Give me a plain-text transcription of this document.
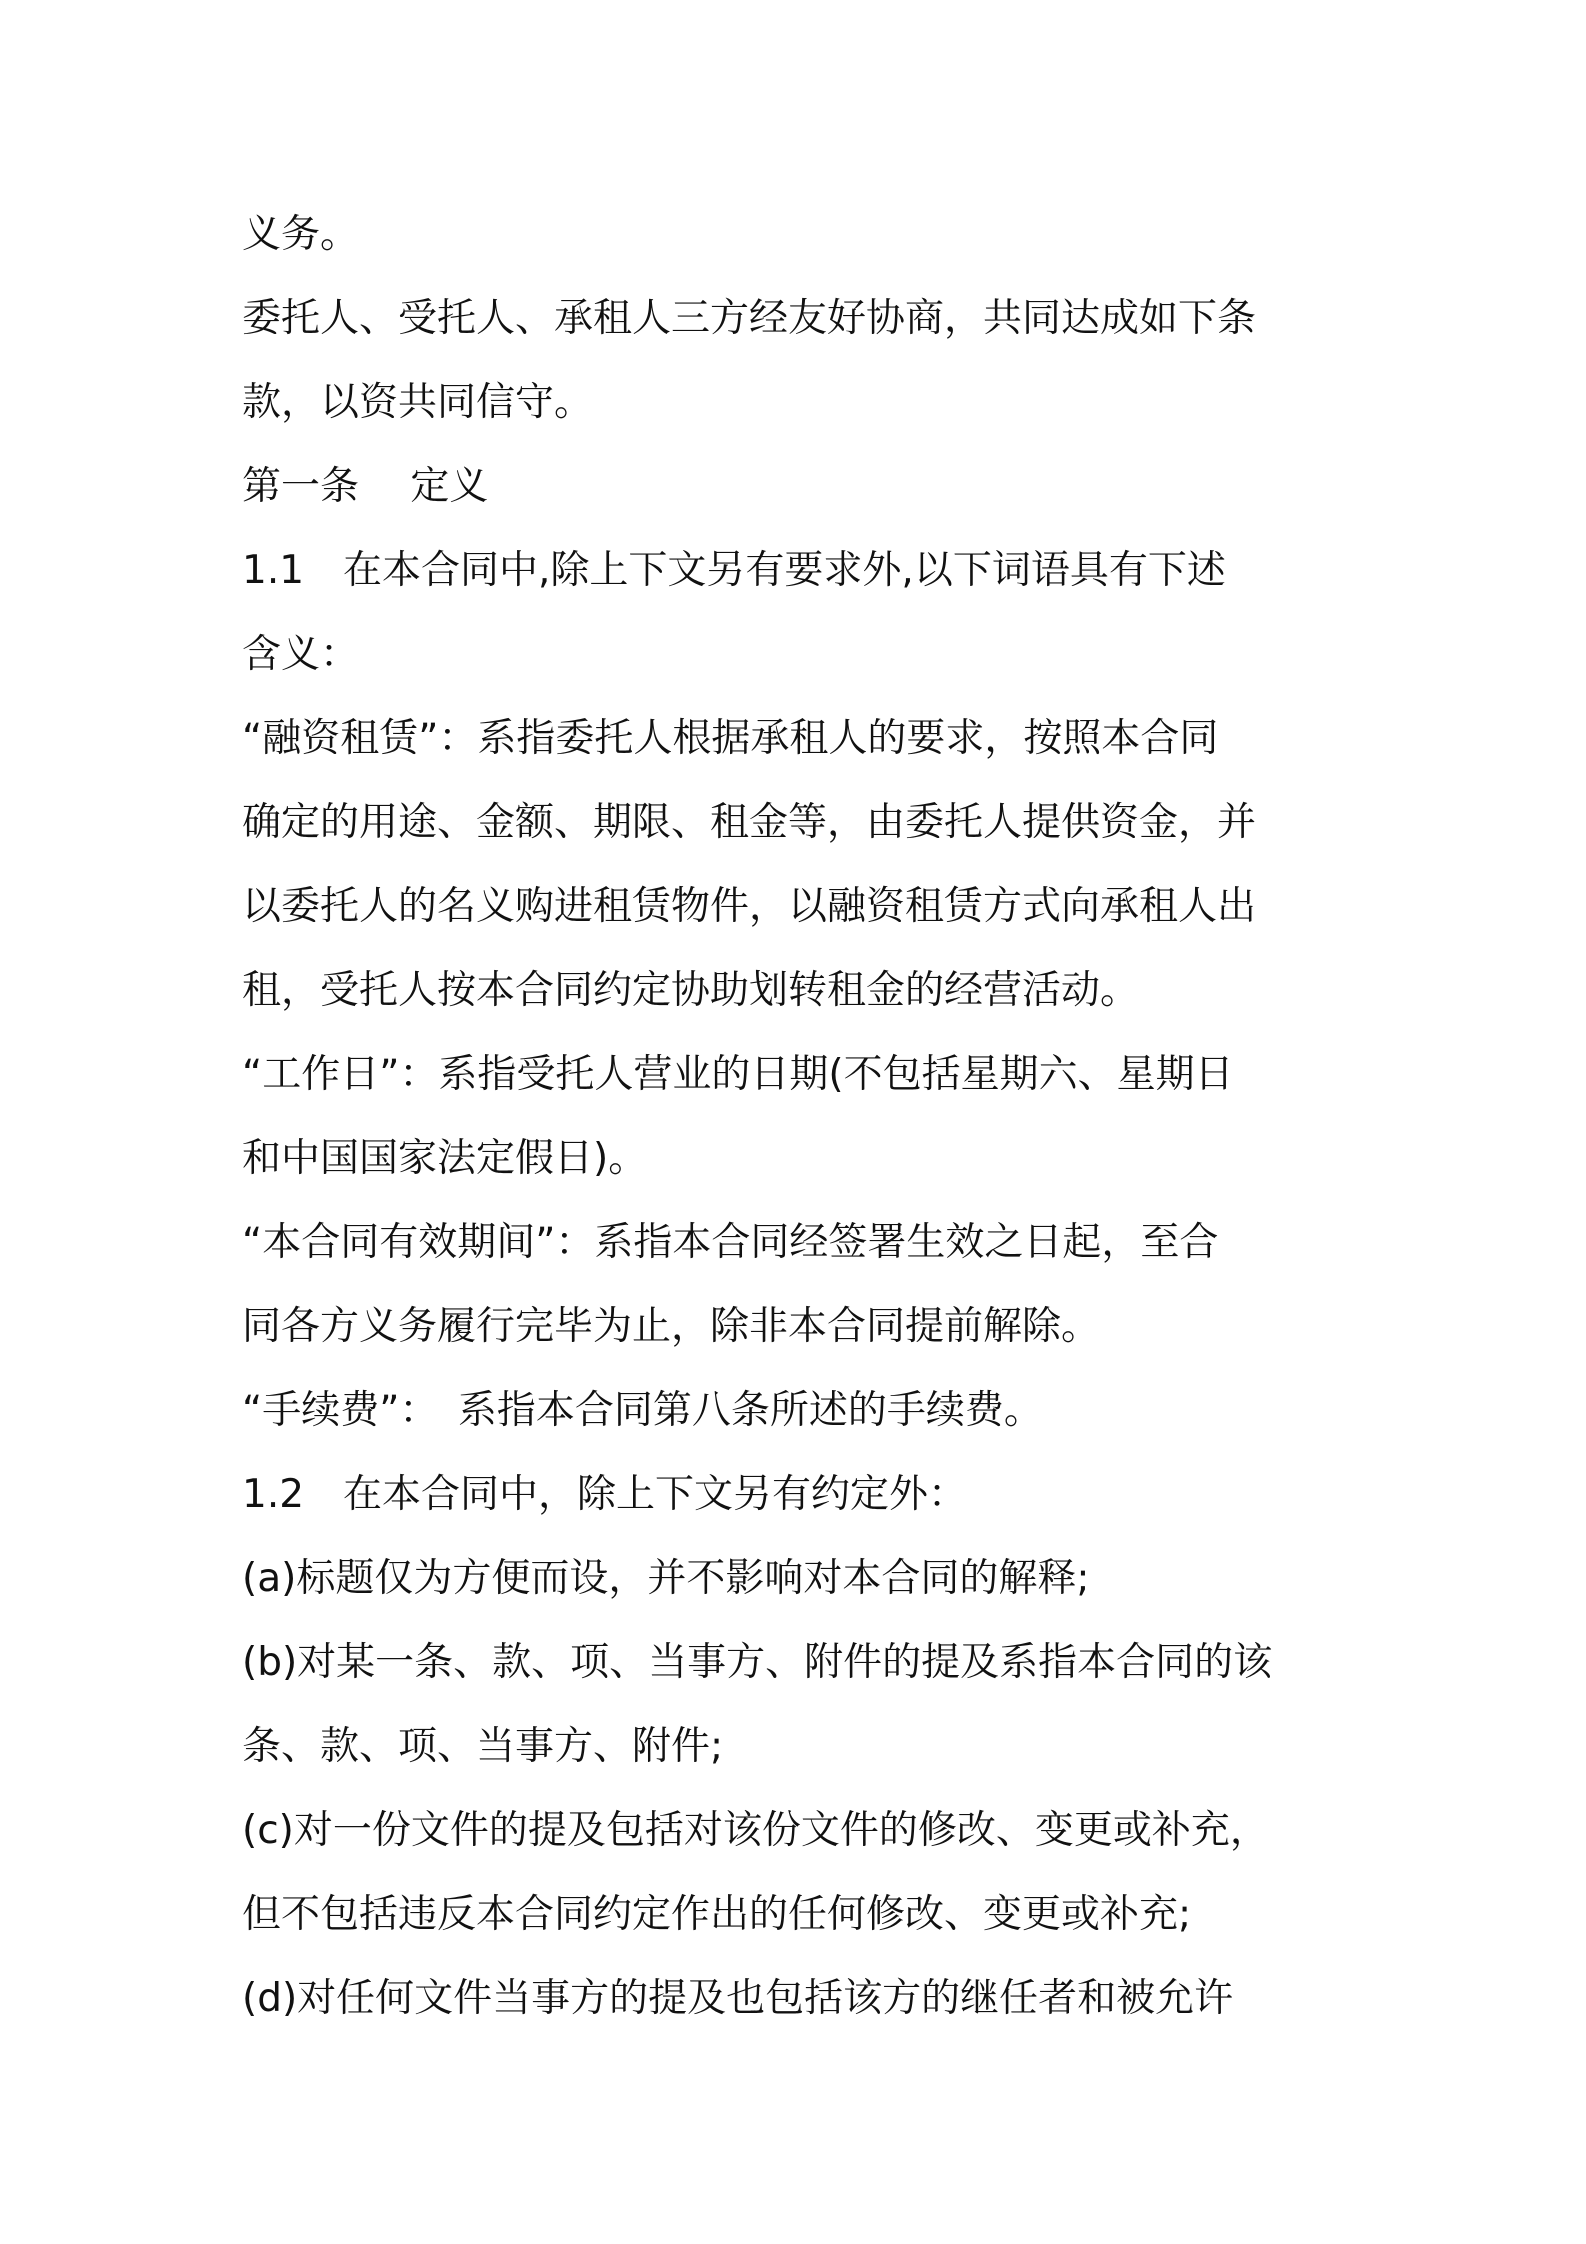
义务。

委托人、受托人、承租人三方经友好协商，共同达成如下条

款，以资共同信守。

第一条　 定义

1.1　在本合同中,除上下文另有要求外,以下词语具有下述

含义：

“融资租赁”：系指委托人根据承租人的要求，按照本合同

确定的用途、金额、期限、租金等，由委托人提供资金，并

以委托人的名义购进租赁物件，以融资租赁方式向承租人出

租，受托人按本合同约定协助划转租金的经营活动。

“工作日”：系指受托人营业的日期(不包括星期六、星期日

和中国国家法定假日)。

“本合同有效期间”：系指本合同经签署生效之日起，至合

同各方义务履行完毕为止，除非本合同提前解除。

“手续费”：　系指本合同第八条所述的手续费。

1.2　在本合同中，除上下文另有约定外：

(a)标题仅为方便而设，并不影响对本合同的解释;

(b)对某一条、款、项、当事方、附件的提及系指本合同的该

条、款、项、当事方、附件;

(c)对一份文件的提及包括对该份文件的修改、变更或补充，

但不包括违反本合同约定作出的任何修改、变更或补充;

(d)对任何文件当事方的提及也包括该方的继任者和被允许
